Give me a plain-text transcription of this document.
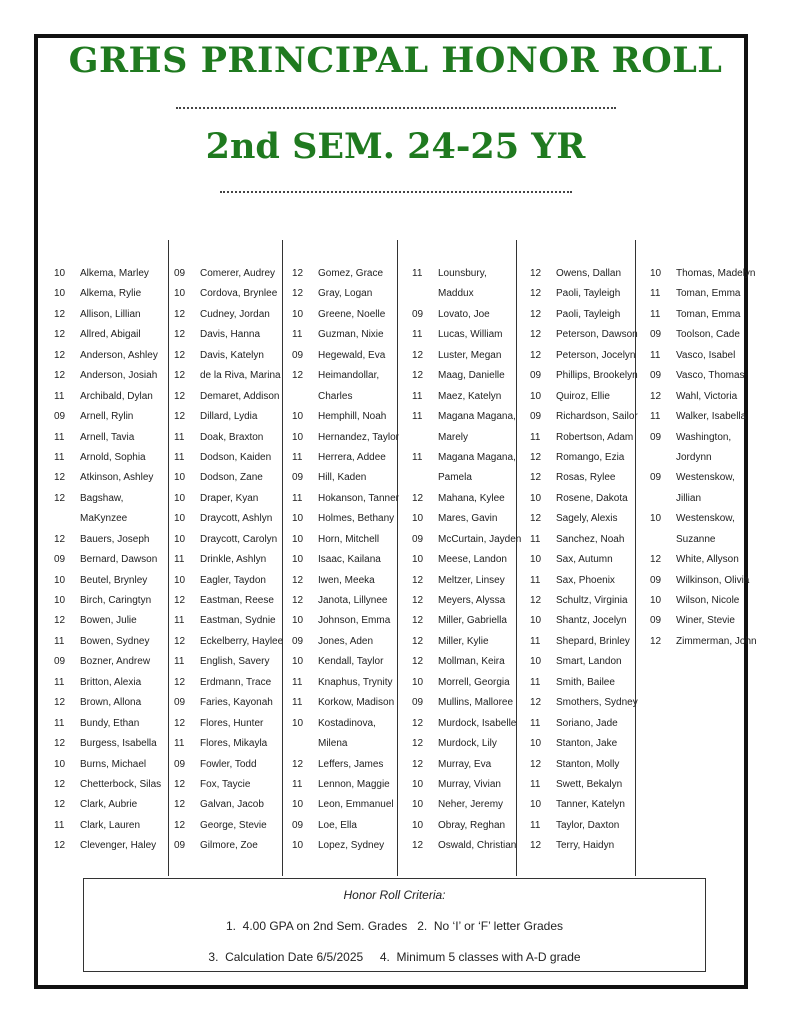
GRHS PRINCIPAL HONOR ROLL
2nd SEM. 24-25 YR
10	Alkema, Marley
10	Alkema, Rylie
12	Allison, Lillian
12	Allred, Abigail
12	Anderson, Ashley
12	Anderson, Josiah
11	Archibald, Dylan
09	Arnell, Rylin
11	Arnell, Tavia
11	Arnold, Sophia
12	Atkinson, Ashley
12	Bagshaw,
MaKynzee
12	Bauers, Joseph
09	Bernard, Dawson
10	Beutel, Brynley
10	Birch, Caringtyn
12	Bowen, Julie
11	Bowen, Sydney
09	Bozner, Andrew
11	Britton, Alexia
12	Brown, Allona
11	Bundy, Ethan
12	Burgess, Isabella
10	Burns, Michael
12	Chetterbock, Silas
12	Clark, Aubrie
11	Clark, Lauren
12	Clevenger, Haley
09	Comerer, Audrey
10	Cordova, Brynlee
12	Cudney, Jordan
12	Davis, Hanna
12	Davis, Katelyn
12	de la Riva, Marina
12	Demaret, Addison
12	Dillard, Lydia
11	Doak, Braxton
11	Dodson, Kaiden
10	Dodson, Zane
10	Draper, Kyan
10	Draycott, Ashlyn
10	Draycott, Carolyn
11	Drinkle, Ashlyn
10	Eagler, Taydon
12	Eastman, Reese
11	Eastman, Sydnie
12	Eckelberry, Haylee
11	English, Savery
12	Erdmann, Trace
09	Faries, Kayonah
12	Flores, Hunter
11	Flores, Mikayla
09	Fowler, Todd
12	Fox, Taycie
12	Galvan, Jacob
12	George, Stevie
09	Gilmore, Zoe
12	Gomez, Grace
12	Gray, Logan
10	Greene, Noelle
11	Guzman, Nixie
09	Hegewald, Eva
12	Heimandollar,
Charles
10	Hemphill, Noah
10	Hernandez, Taylor
11	Herrera, Addee
09	Hill, Kaden
11	Hokanson, Tanner
10	Holmes, Bethany
10	Horn, Mitchell
10	Isaac, Kailana
12	Iwen, Meeka
12	Janota, Lillynee
10	Johnson, Emma
09	Jones, Aden
10	Kendall, Taylor
11	Knaphus, Trynity
11	Korkow, Madison
10	Kostadinova,
Milena
12	Leffers, James
11	Lennon, Maggie
10	Leon, Emmanuel
09	Loe, Ella
10	Lopez, Sydney
11	Lounsbury,
Maddux
09	Lovato, Joe
11	Lucas, William
12	Luster, Megan
12	Maag, Danielle
11	Maez, Katelyn
11	Magana Magana,
Marely
11	Magana Magana,
Pamela
12	Mahana, Kylee
10	Mares, Gavin
09	McCurtain, Jayden
10	Meese, Landon
12	Meltzer, Linsey
12	Meyers, Alyssa
12	Miller, Gabriella
12	Miller, Kylie
12	Mollman, Keira
10	Morrell, Georgia
09	Mullins, Malloree
12	Murdock, Isabelle
12	Murdock, Lily
12	Murray, Eva
10	Murray, Vivian
10	Neher, Jeremy
10	Obray, Reghan
12	Oswald, Christian
12	Owens, Dallan
12	Paoli, Tayleigh
12	Paoli, Tayleigh
12	Peterson, Dawson
12	Peterson, Jocelyn
09	Phillips, Brookelyn
10	Quiroz, Ellie
09	Richardson, Sailor
11	Robertson, Adam
12	Romango, Ezia
12	Rosas, Rylee
10	Rosene, Dakota
12	Sagely, Alexis
11	Sanchez, Noah
10	Sax, Autumn
11	Sax, Phoenix
12	Schultz, Virginia
10	Shantz, Jocelyn
11	Shepard, Brinley
10	Smart, Landon
11	Smith, Bailee
12	Smothers, Sydney
11	Soriano, Jade
10	Stanton, Jake
12	Stanton, Molly
11	Swett, Bekalyn
10	Tanner, Katelyn
11	Taylor, Daxton
12	Terry, Haidyn
10	Thomas, Madelyn
11	Toman, Emma
11	Toman, Emma
09	Toolson, Cade
11	Vasco, Isabel
09	Vasco, Thomas
12	Wahl, Victoria
11	Walker, Isabella
09	Washington,
Jordynn
09	Westenskow,
Jillian
10	Westenskow,
Suzanne
12	White, Allyson
09	Wilkinson, Olivia
10	Wilson, Nicole
09	Winer, Stevie
12	Zimmerman, John
Honor Roll Criteria:
1.  4.00 GPA on 2nd Sem. Grades   2.  No ‘I’ or ‘F’ letter Grades
3.  Calculation Date 6/5/2025     4.  Minimum 5 classes with A-D grade
